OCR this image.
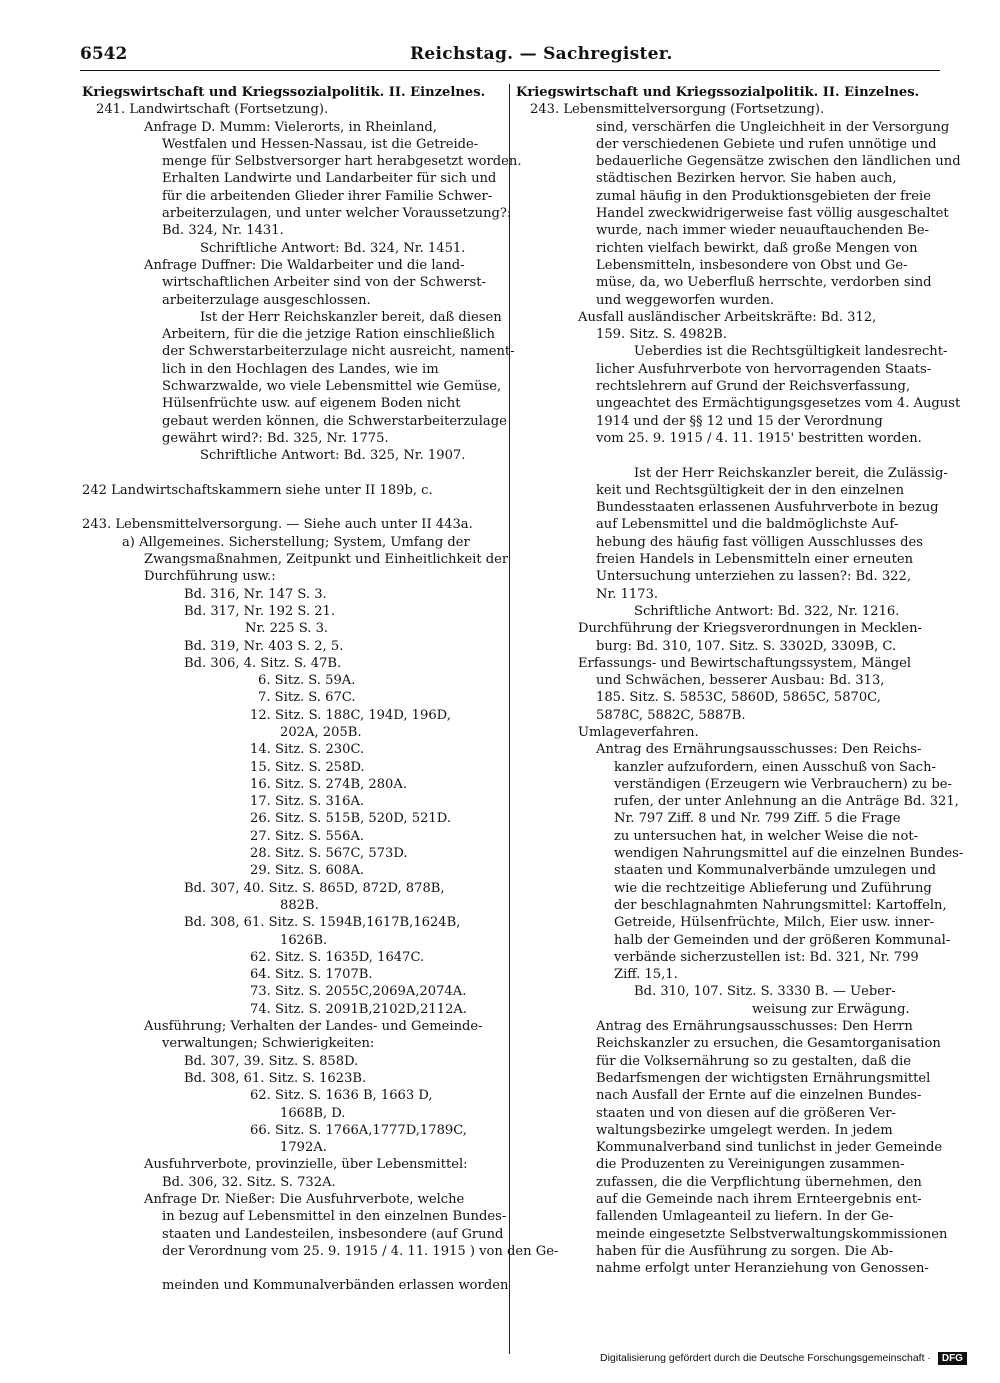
6542	Reichstag. — Sachregister.
Kriegswirtschaft und Kriegssozialpolitik. II. Einzelnes.
241. Landwirtschaft (Fortsetzung).
Anfrage D. Mumm: Vielerorts, in Rheinland,
Westfalen und Hessen-Nassau, ist die Getreide-
menge für Selbstversorger hart herabgesetzt worden.
Erhalten Landwirte und Landarbeiter für sich und
für die arbeitenden Glieder ihrer Familie Schwer-
arbeiterzulagen, und unter welcher Voraussetzung?:
Bd. 324, Nr. 1431.
Schriftliche Antwort: Bd. 324, Nr. 1451.
Anfrage Duffner: Die Waldarbeiter und die land-
wirtschaftlichen Arbeiter sind von der Schwerst-
arbeiterzulage ausgeschlossen.
Ist der Herr Reichskanzler bereit, daß diesen
Arbeitern, für die die jetzige Ration einschließlich
der Schwerstarbeiterzulage nicht ausreicht, nament-
lich in den Hochlagen des Landes, wie im
Schwarzwalde, wo viele Lebensmittel wie Gemüse,
Hülsenfrüchte usw. auf eigenem Boden nicht
gebaut werden können, die Schwerstarbeiterzulage
gewährt wird?: Bd. 325, Nr. 1775.
Schriftliche Antwort: Bd. 325, Nr. 1907.
242 Landwirtschaftskammern siehe unter II 189b, c.
243. Lebensmittelversorgung. — Siehe auch unter II 443a.
a) Allgemeines. Sicherstellung; System, Umfang der
Zwangsmaßnahmen, Zeitpunkt und Einheitlichkeit der
Durchführung usw.:
Bd. 316, Nr. 147 S. 3.
Bd. 317, Nr. 192 S. 21.
Nr. 225 S. 3.
Bd. 319, Nr. 403 S. 2, 5.
Bd. 306, 4. Sitz. S. 47B.
6. Sitz. S. 59A.
7. Sitz. S. 67C.
12. Sitz. S. 188C, 194D, 196D,
202A, 205B.
14. Sitz. S. 230C.
15. Sitz. S. 258D.
16. Sitz. S. 274B, 280A.
17. Sitz. S. 316A.
26. Sitz. S. 515B, 520D, 521D.
27. Sitz. S. 556A.
28. Sitz. S. 567C, 573D.
29. Sitz. S. 608A.
Bd. 307, 40. Sitz. S. 865D, 872D, 878B,
882B.
Bd. 308, 61. Sitz. S. 1594B,1617B,1624B,
1626B.
62. Sitz. S. 1635D, 1647C.
64. Sitz. S. 1707B.
73. Sitz. S. 2055C,2069A,2074A.
74. Sitz. S. 2091B,2102D,2112A.
Ausführung; Verhalten der Landes- und Gemeinde-
verwaltungen; Schwierigkeiten:
Bd. 307, 39. Sitz. S. 858D.
Bd. 308, 61. Sitz. S. 1623B.
62. Sitz. S. 1636 B, 1663 D,
1668B, D.
66. Sitz. S. 1766A,1777D,1789C,
1792A.
Ausfuhrverbote, provinzielle, über Lebensmittel:
Bd. 306, 32. Sitz. S. 732A.
Anfrage Dr. Nießer: Die Ausfuhrverbote, welche
in bezug auf Lebensmittel in den einzelnen Bundes-
staaten und Landesteilen, insbesondere (auf Grund
der Verordnung vom 25. 9. 1915 / 4. 11. 1915 ) von den Ge-
meinden und Kommunalverbänden erlassen worden
Kriegswirtschaft und Kriegssozialpolitik. II. Einzelnes.
243. Lebensmittelversorgung (Fortsetzung).
sind, verschärfen die Ungleichheit in der Versorgung
der verschiedenen Gebiete und rufen unnötige und
bedauerliche Gegensätze zwischen den ländlichen und
städtischen Bezirken hervor. Sie haben auch,
zumal häufig in den Produktionsgebieten der freie
Handel zweckwidrigerweise fast völlig ausgeschaltet
wurde, nach immer wieder neuauftauchenden Be-
richten vielfach bewirkt, daß große Mengen von
Lebensmitteln, insbesondere von Obst und Ge-
müse, da, wo Ueberfluß herrschte, verdorben sind
und weggeworfen wurden.
Ausfall ausländischer Arbeitskräfte: Bd. 312,
159. Sitz. S. 4982B.
Ueberdies ist die Rechtsgültigkeit landesrecht-
licher Ausfuhrverbote von hervorragenden Staats-
rechtslehrern auf Grund der Reichsverfassung,
ungeachtet des Ermächtigungsgesetzes vom 4. August
1914 und der §§ 12 und 15 der Verordnung
vom 25. 9. 1915 / 4. 11. 1915' bestritten worden.
Ist der Herr Reichskanzler bereit, die Zulässig-
keit und Rechtsgültigkeit der in den einzelnen
Bundesstaaten erlassenen Ausfuhrverbote in bezug
auf Lebensmittel und die baldmöglichste Auf-
hebung des häufig fast völligen Ausschlusses des
freien Handels in Lebensmitteln einer erneuten
Untersuchung unterziehen zu lassen?: Bd. 322,
Nr. 1173.
Schriftliche Antwort: Bd. 322, Nr. 1216.
Durchführung der Kriegsverordnungen in Mecklen-
burg: Bd. 310, 107. Sitz. S. 3302D, 3309B, C.
Erfassungs- und Bewirtschaftungssystem, Mängel
und Schwächen, besserer Ausbau: Bd. 313,
185. Sitz. S. 5853C, 5860D, 5865C, 5870C,
5878C, 5882C, 5887B.
Umlageverfahren.
Antrag des Ernährungsausschusses: Den Reichs-
kanzler aufzufordern, einen Ausschuß von Sach-
verständigen (Erzeugern wie Verbrauchern) zu be-
rufen, der unter Anlehnung an die Anträge Bd. 321,
Nr. 797 Ziff. 8 und Nr. 799 Ziff. 5 die Frage
zu untersuchen hat, in welcher Weise die not-
wendigen Nahrungsmittel auf die einzelnen Bundes-
staaten und Kommunalverbände umzulegen und
wie die rechtzeitige Ablieferung und Zuführung
der beschlagnahmten Nahrungsmittel: Kartoffeln,
Getreide, Hülsenfrüchte, Milch, Eier usw. inner-
halb der Gemeinden und der größeren Kommunal-
verbände sicherzustellen ist: Bd. 321, Nr. 799
Ziff. 15,1.
Bd. 310, 107. Sitz. S. 3330 B. — Ueber-
weisung zur Erwägung.
Antrag des Ernährungsausschusses: Den Herrn
Reichskanzler zu ersuchen, die Gesamtorganisation
für die Volksernährung so zu gestalten, daß die
Bedarfsmengen der wichtigsten Ernährungsmittel
nach Ausfall der Ernte auf die einzelnen Bundes-
staaten und von diesen auf die größeren Ver-
waltungsbezirke umgelegt werden. In jedem
Kommunalverband sind tunlichst in jeder Gemeinde
die Produzenten zu Vereinigungen zusammen-
zufassen, die die Verpflichtung übernehmen, den
auf die Gemeinde nach ihrem Ernteergebnis ent-
fallenden Umlageanteil zu liefern. In der Ge-
meinde eingesetzte Selbstverwaltungskommissionen
haben für die Ausführung zu sorgen. Die Ab-
nahme erfolgt unter Heranziehung von Genossen-
Digitalisierung gefördert durch die Deutsche Forschungsgemeinschaft · DFG
